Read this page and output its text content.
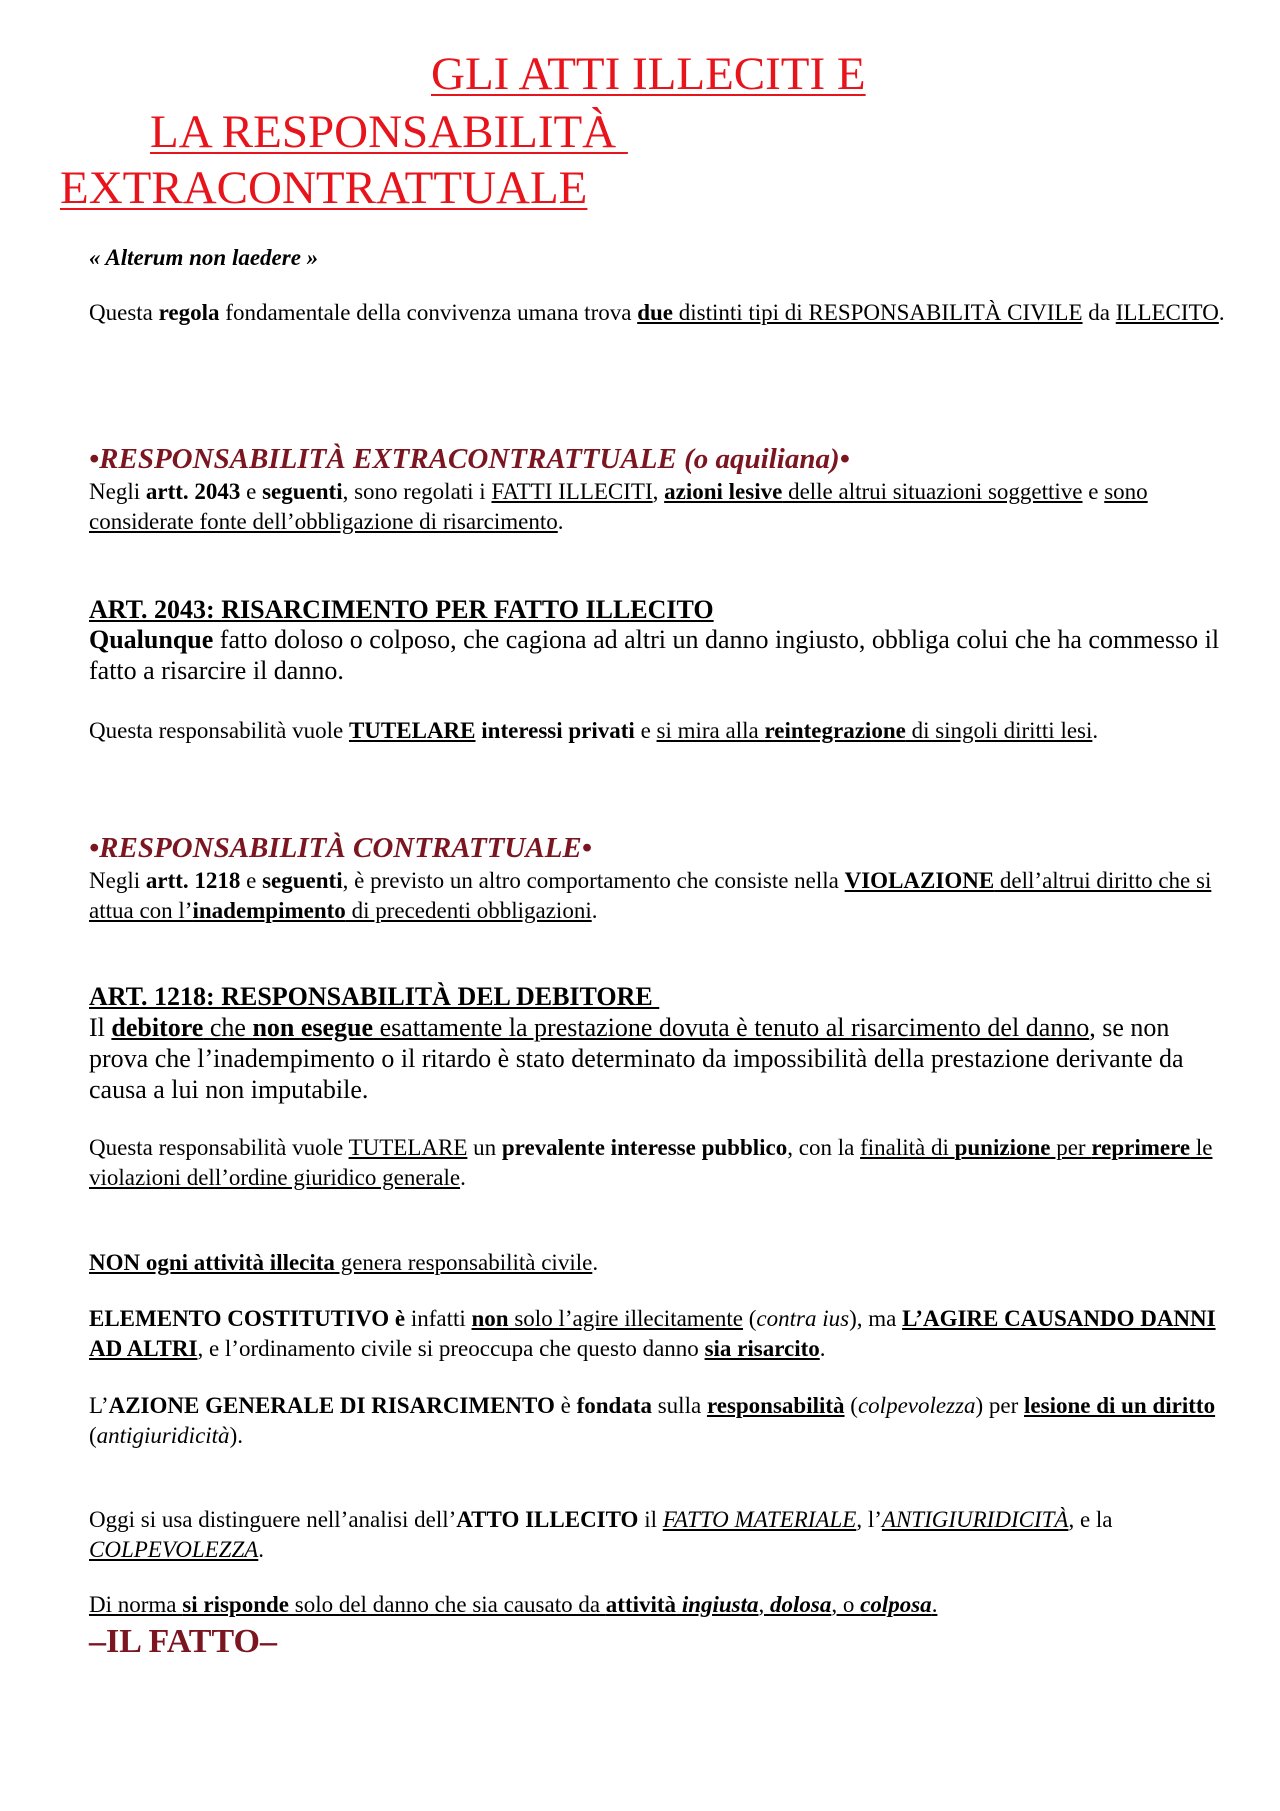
GLI ATTI ILLECITI E

LA RESPONSABILITÀ

EXTRACONTRATTUALE

« Alterum non laedere »

Questa regola fondamentale della convivenza umana trova due distinti tipi di RESPONSABILITÀ CIVILE da ILLECITO.

•RESPONSABILITÀ EXTRACONTRATTUALE (o aquiliana)•

Negli artt. 2043 e seguenti, sono regolati i FATTI ILLECITI, azioni lesive delle altrui situazioni soggettive e sono considerate fonte dell’obbligazione di risarcimento.

ART. 2043: RISARCIMENTO PER FATTO ILLECITO

Qualunque fatto doloso o colposo, che cagiona ad altri un danno ingiusto, obbliga colui che ha commesso il fatto a risarcire il danno.

Questa responsabilità vuole TUTELARE interessi privati e si mira alla reintegrazione di singoli diritti lesi.

•RESPONSABILITÀ CONTRATTUALE•

Negli artt. 1218 e seguenti, è previsto un altro comportamento che consiste nella VIOLAZIONE dell’altrui diritto che si attua con l’inadempimento di precedenti obbligazioni.

ART. 1218: RESPONSABILITÀ DEL DEBITORE

Il debitore che non esegue esattamente la prestazione dovuta è tenuto al risarcimento del danno, se non prova che l’inadempimento o il ritardo è stato determinato da impossibilità della prestazione derivante da causa a lui non imputabile.

Questa responsabilità vuole TUTELARE un prevalente interesse pubblico, con la finalità di punizione per reprimere le violazioni dell’ordine giuridico generale.

NON ogni attività illecita genera responsabilità civile.

ELEMENTO COSTITUTIVO è infatti non solo l’agire illecitamente (contra ius), ma L’AGIRE CAUSANDO DANNI AD ALTRI, e l’ordinamento civile si preoccupa che questo danno sia risarcito.

L’AZIONE GENERALE DI RISARCIMENTO è fondata sulla responsabilità (colpevolezza) per lesione di un diritto (antigiuridicità).

Oggi si usa distinguere nell’analisi dell’ATTO ILLECITO il FATTO MATERIALE, l’ANTIGIURIDICITÀ, e la COLPEVOLEZZA.

Di norma si risponde solo del danno che sia causato da attività ingiusta, dolosa, o colposa.

–IL FATTO–
